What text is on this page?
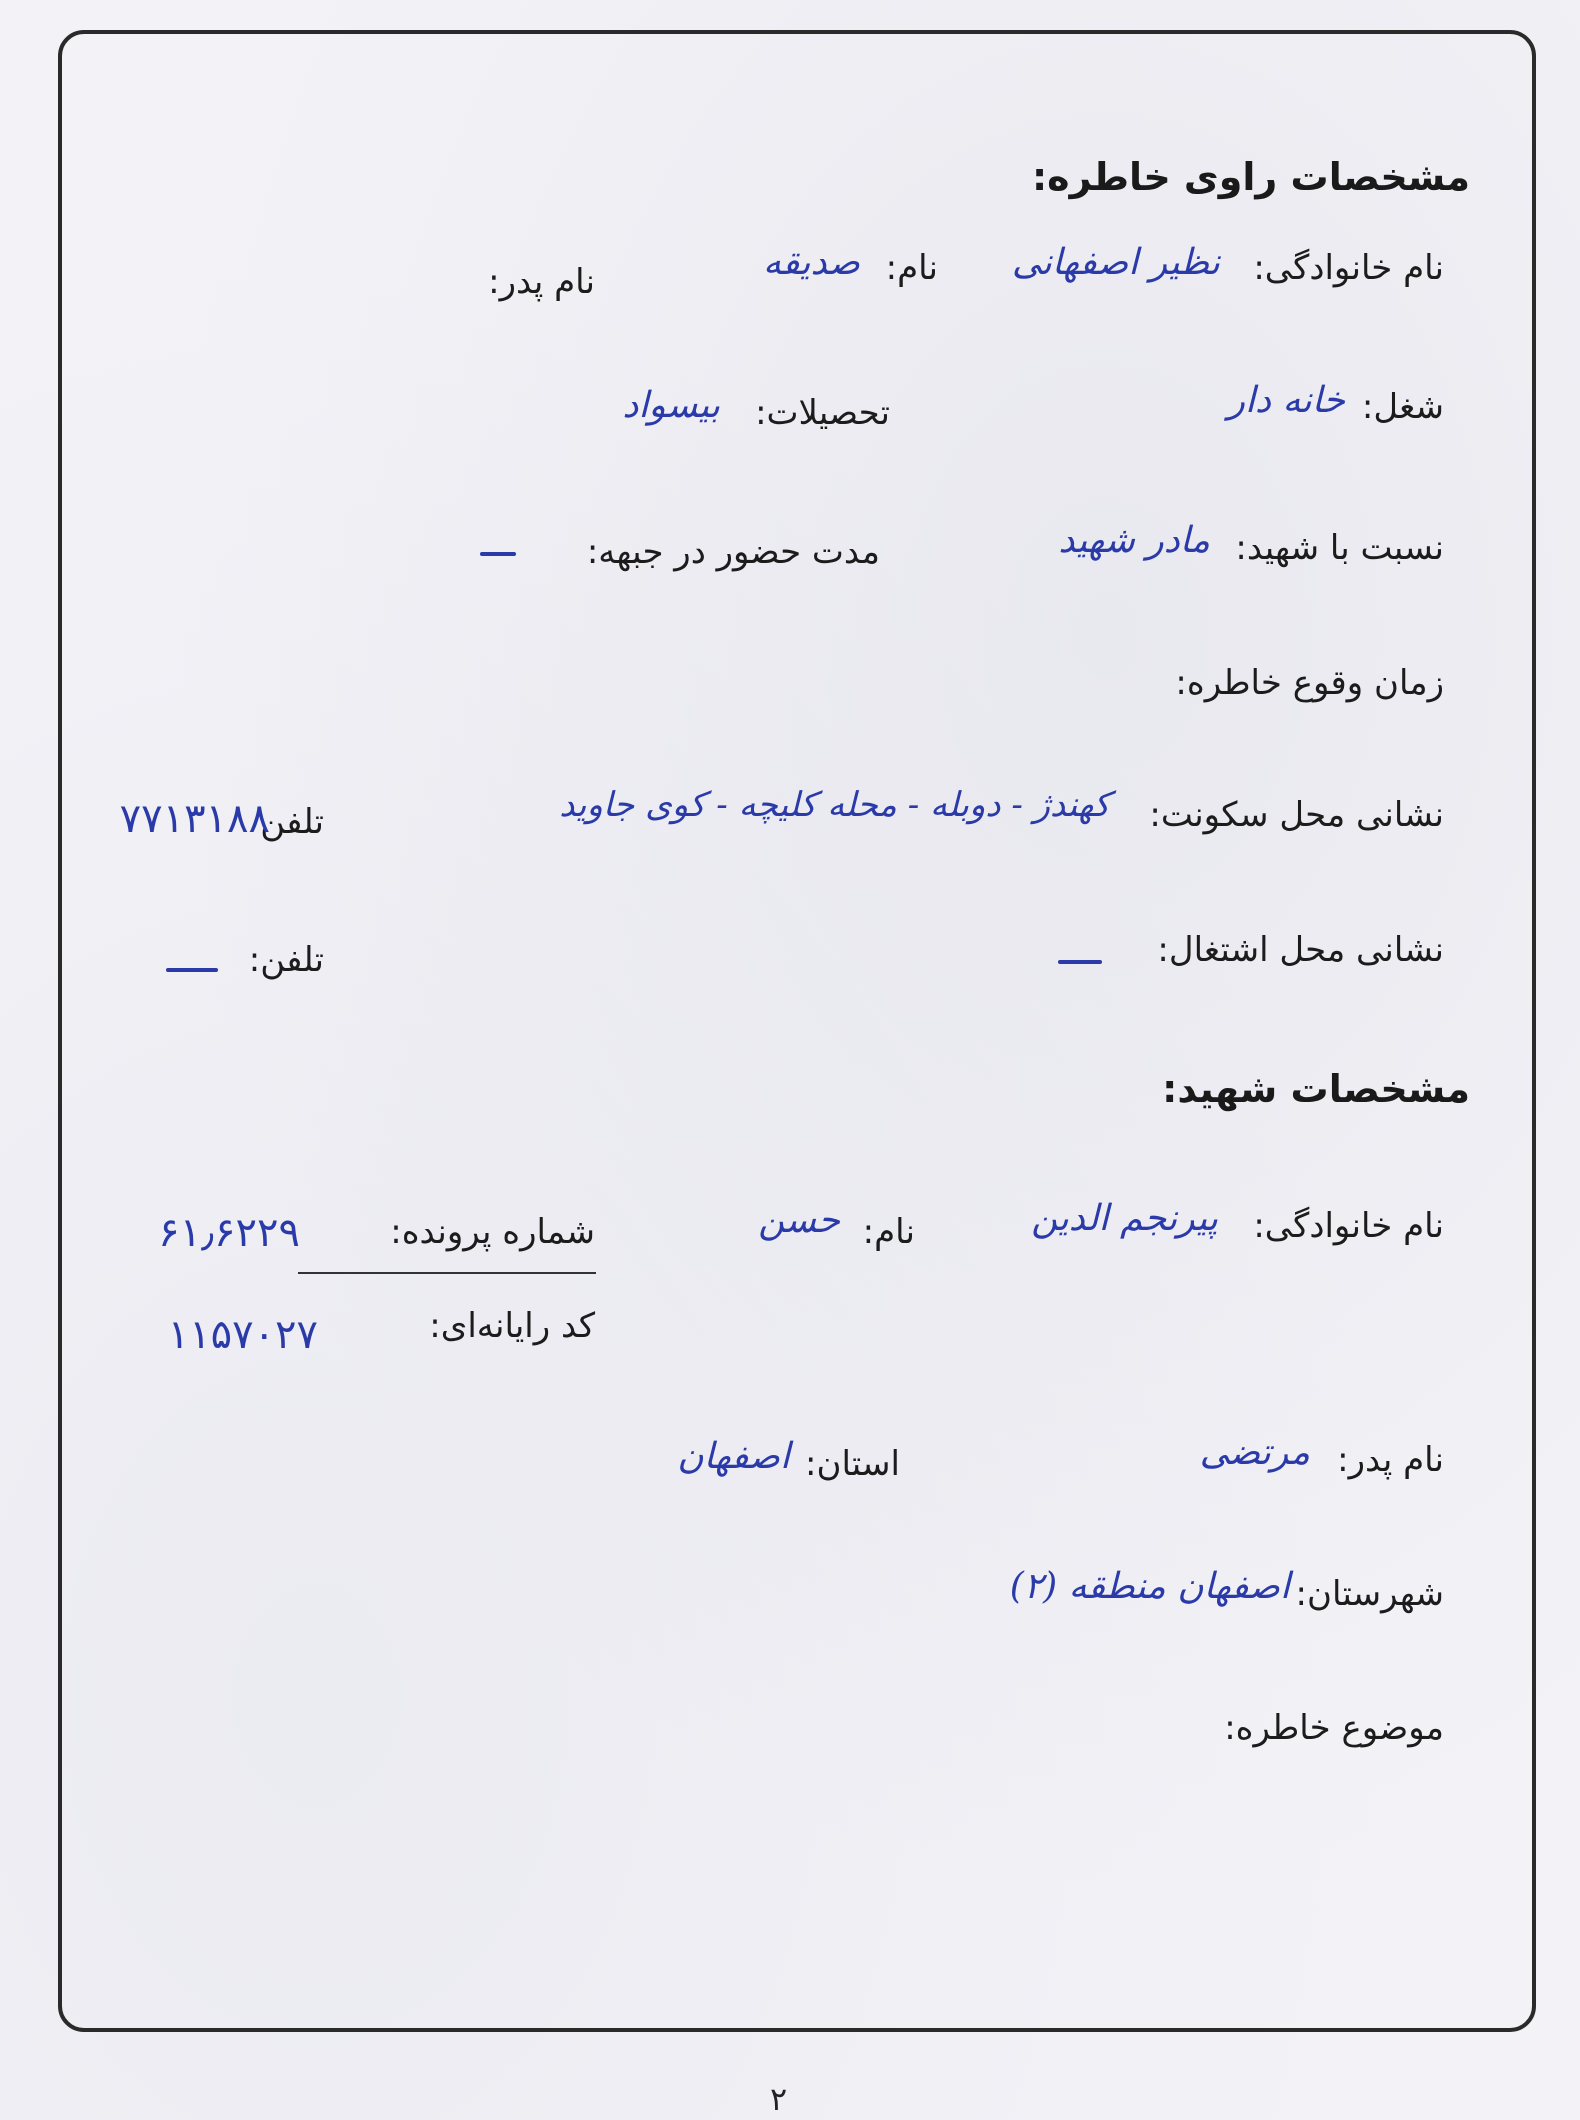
مشخصات راوی خاطره:
نام خانوادگی:
نظیر اصفهانی
نام:
صدیقه
نام پدر:
شغل:
خانه دار
تحصیلات:
بیسواد
نسبت با شهید:
مادر شهید
مدت حضور در جبهه:
زمان وقوع خاطره:
نشانی محل سکونت:
کهندژ - دوبله - محله کلیچه - کوی جاوید
تلفن
۷۷۱۳۱۸۸
نشانی محل اشتغال:
تلفن:
مشخصات شهید:
نام خانوادگی:
پیرنجم الدین
نام:
حسن
شماره پرونده:
۶۱٫۶۲۲۹
کد رایانه‌ای:
۱۱۵۷۰۲۷
نام پدر:
مرتضی
استان:
اصفهان
شهرستان:
اصفهان منطقه (۲)
موضوع خاطره:
۲
